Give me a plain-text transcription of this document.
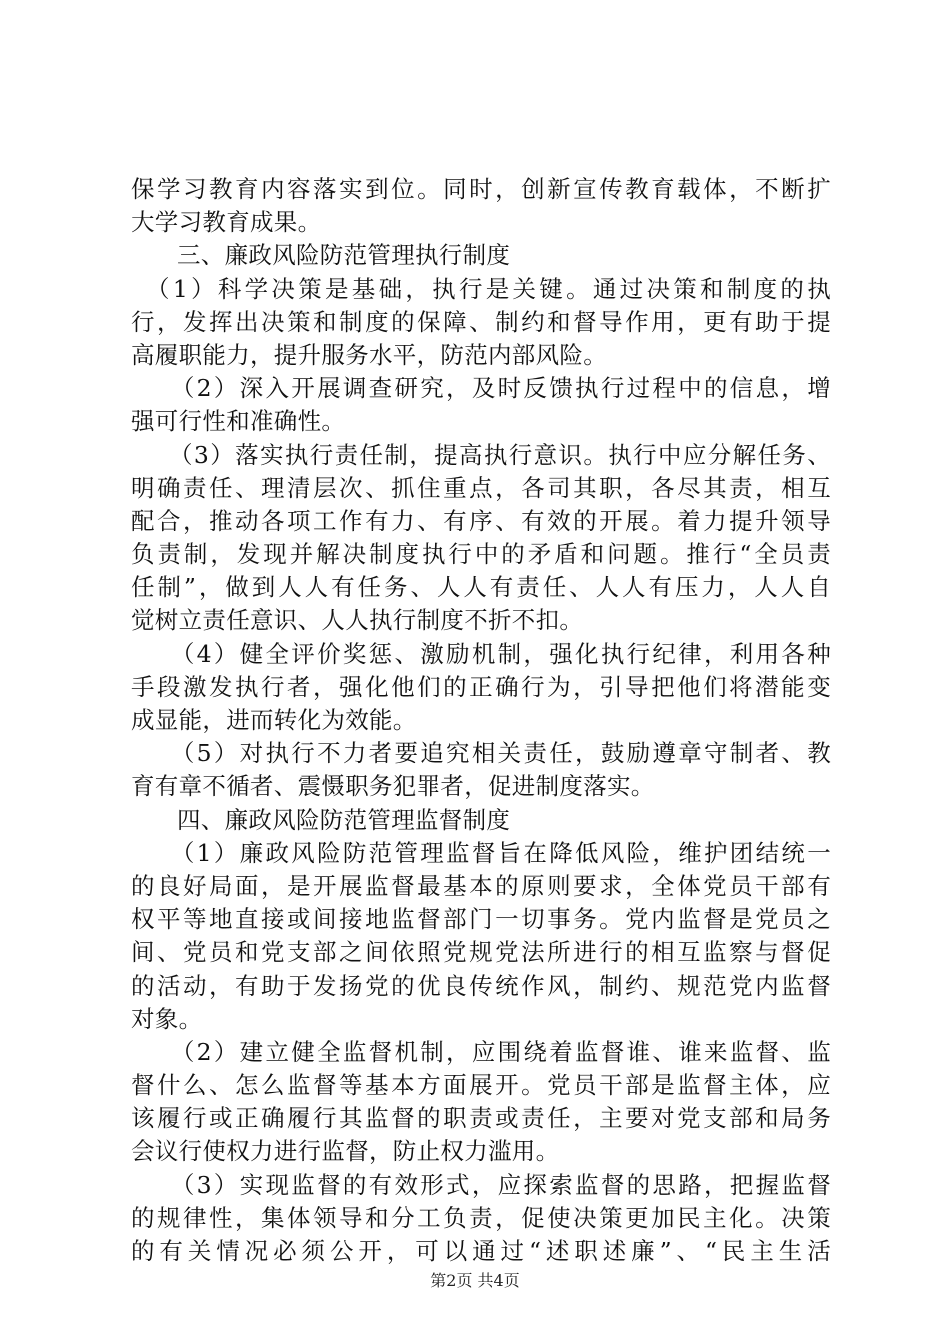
保学习教育内容落实到位。同时，创新宣传教育载体，不断扩
大学习教育成果。
三、廉政风险防范管理执行制度
　（1）科学决策是基础，执行是关键。通过决策和制度的执
行，发挥出决策和制度的保障、制约和督导作用，更有助于提
高履职能力，提升服务水平，防范内部风险。
　　（2）深入开展调查研究，及时反馈执行过程中的信息，增
强可行性和准确性。
　　（3）落实执行责任制，提高执行意识。执行中应分解任务、
明确责任、理清层次、抓住重点，各司其职，各尽其责，相互
配合，推动各项工作有力、有序、有效的开展。着力提升领导
负责制，发现并解决制度执行中的矛盾和问题。推行“全员责
任制”，做到人人有任务、人人有责任、人人有压力，人人自
觉树立责任意识、人人执行制度不折不扣。
　　（4）健全评价奖惩、激励机制，强化执行纪律，利用各种
手段激发执行者，强化他们的正确行为，引导把他们将潜能变
成显能，进而转化为效能。
　　（5）对执行不力者要追究相关责任，鼓励遵章守制者、教
育有章不循者、震慑职务犯罪者，促进制度落实。
四、廉政风险防范管理监督制度
　　（1）廉政风险防范管理监督旨在降低风险，维护团结统一
的良好局面，是开展监督最基本的原则要求，全体党员干部有
权平等地直接或间接地监督部门一切事务。党内监督是党员之
间、党员和党支部之间依照党规党法所进行的相互监察与督促
的活动，有助于发扬党的优良传统作风，制约、规范党内监督
对象。
　　（2）建立健全监督机制，应围绕着监督谁、谁来监督、监
督什么、怎么监督等基本方面展开。党员干部是监督主体，应
该履行或正确履行其监督的职责或责任，主要对党支部和局务
会议行使权力进行监督，防止权力滥用。
　　（3）实现监督的有效形式，应探索监督的思路，把握监督
的规律性，集体领导和分工负责，促使决策更加民主化。决策
的有关情况必须公开，可以通过“述职述廉”、“民主生活
第2页 共4页
